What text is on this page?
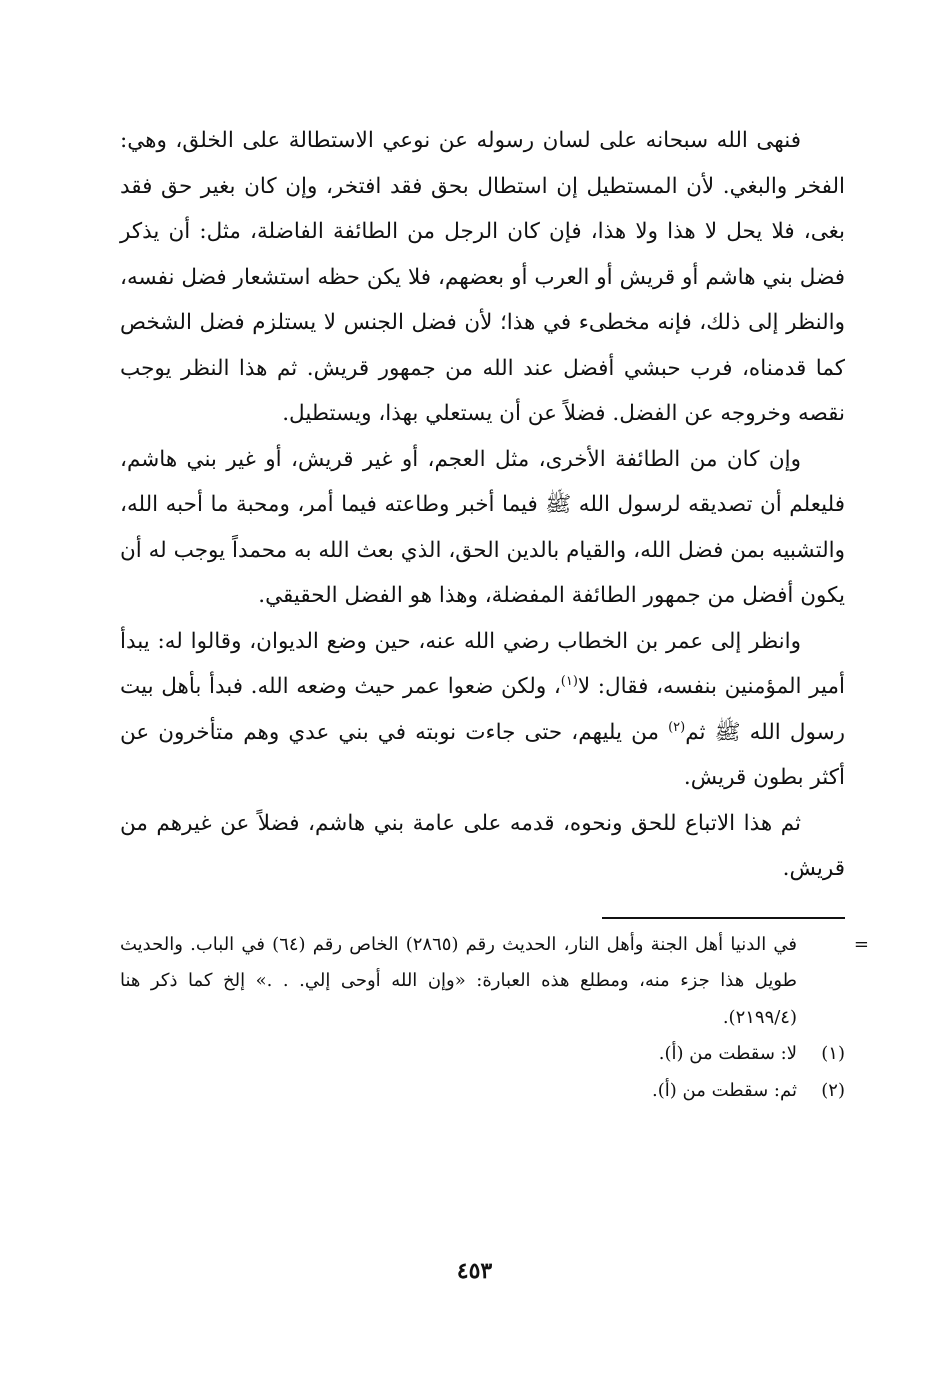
فنهى الله سبحانه على لسان رسوله عن نوعي الاستطالة على الخلق، وهي: الفخر والبغي. لأن المستطيل إن استطال بحق فقد افتخر، وإن كان بغير حق فقد بغى، فلا يحل لا هذا ولا هذا، فإن كان الرجل من الطائفة الفاضلة، مثل: أن يذكر فضل بني هاشم أو قريش أو العرب أو بعضهم، فلا يكن حظه استشعار فضل نفسه، والنظر إلى ذلك، فإنه مخطىء في هذا؛ لأن فضل الجنس لا يستلزم فضل الشخص كما قدمناه، فرب حبشي أفضل عند الله من جمهور قريش. ثم هذا النظر يوجب نقصه وخروجه عن الفضل. فضلاً عن أن يستعلي بهذا، ويستطيل.

وإن كان من الطائفة الأخرى، مثل العجم، أو غير قريش، أو غير بني هاشم، فليعلم أن تصديقه لرسول الله ﷺ فيما أخبر وطاعته فيما أمر، ومحبة ما أحبه الله، والتشبيه بمن فضل الله، والقيام بالدين الحق، الذي بعث الله به محمداً يوجب له أن يكون أفضل من جمهور الطائفة المفضلة، وهذا هو الفضل الحقيقي.

وانظر إلى عمر بن الخطاب رضي الله عنه، حين وضع الديوان، وقالوا له: يبدأ أمير المؤمنين بنفسه، فقال: لا$^{(١)}$، ولكن ضعوا عمر حيث وضعه الله. فبدأ بأهل بيت رسول الله ﷺ ثم$^{(٢)}$ من يليهم، حتى جاءت نوبته في بني عدي وهم متأخرون عن أكثر بطون قريش.

ثم هذا الاتباع للحق ونحوه، قدمه على عامة بني هاشم، فضلاً عن غيرهم من قريش.

=
في الدنيا أهل الجنة وأهل النار، الحديث رقم (٢٨٦٥) الخاص رقم (٦٤) في الباب. والحديث طويل هذا جزء منه، ومطلع هذه العبارة: «وإن الله أوحى إلي. . .» إلخ كما ذكر هنا (٢١٩٩/٤).
(١)
لا: سقطت من (أ).
(٢)
ثم: سقطت من (أ).
٤٥٣
